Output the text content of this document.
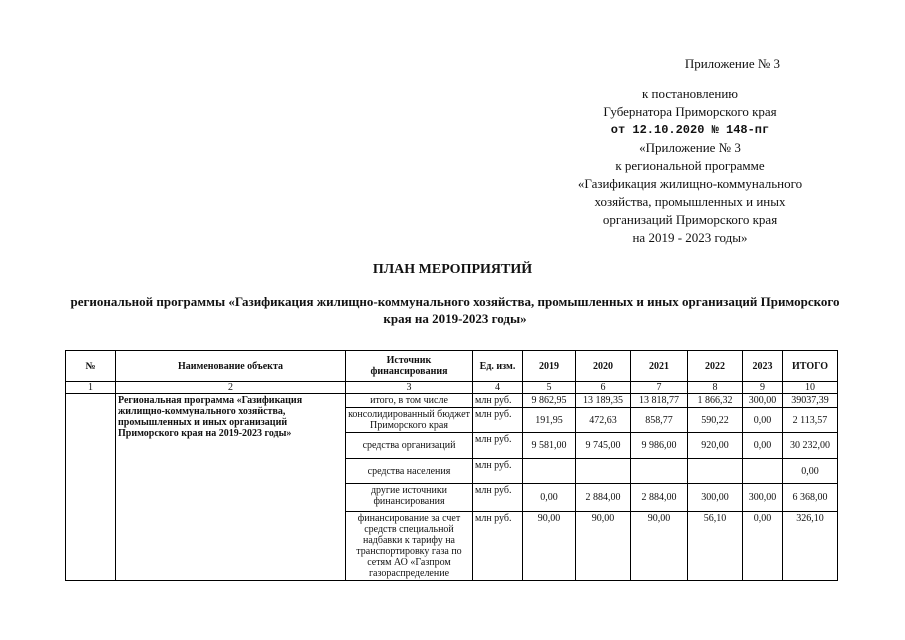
Приложение № 3
к постановлению
Губернатора Приморского края
от 12.10.2020 № 148-пг
«Приложение № 3
к региональной программе
«Газификация жилищно-коммунального
хозяйства, промышленных и иных
организаций Приморского края
на 2019 - 2023 годы»
ПЛАН МЕРОПРИЯТИЙ
региональной программы «Газификация жилищно-коммунального хозяйства, промышленных и иных организаций Приморского края на 2019-2023 годы»
№	Наименование объекта	Источник финансирования	Ед. изм.	2019	2020	2021	2022	2023	ИТОГО
1	2	3	4	5	6	7	8	9	10
	Региональная программа «Газификация жилищно-коммунального хозяйства, промышленных и иных организаций Приморского края на 2019-2023 годы»	итого, в том числе	млн руб.	9 862,95	13 189,35	13 818,77	1 866,32	300,00	39037,39
		консолидированный бюджет Приморского края	млн руб.	191,95	472,63	858,77	590,22	0,00	2 113,57
		средства организаций	млн руб.	9 581,00	9 745,00	9 986,00	920,00	0,00	30 232,00
		средства населения	млн руб.						0,00
		другие источники финансирования	млн руб.	0,00	2 884,00	2 884,00	300,00	300,00	6 368,00
		финансирование за счет средств специальной надбавки к тарифу на транспортировку газа по сетям АО «Газпром газораспределение	млн руб.	90,00	90,00	90,00	56,10	0,00	326,10
